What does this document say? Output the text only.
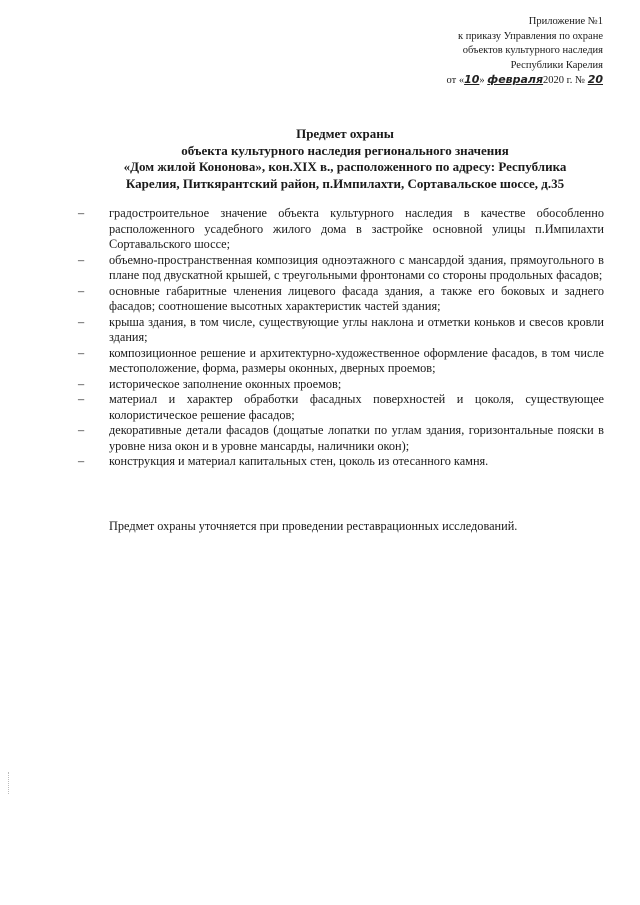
Приложение №1
к приказу Управления по охране
объектов культурного наследия
Республики Карелия
от «10» февраля2020 г. № 20
Предмет охраны
объекта культурного наследия регионального значения
«Дом жилой Кононова», кон.XIX в., расположенного по адресу: Республика
Карелия, Питкярантский район, п.Импилахти, Сортавальское шоссе, д.35
– градостроительное значение объекта культурного наследия в качестве обособленно расположенного усадебного жилого дома в застройке основной улицы п.Импилахти Сортавальского шоссе;
– объемно-пространственная композиция одноэтажного с мансардой здания, прямоугольного в плане под двускатной крышей, с треугольными фронтонами со стороны продольных фасадов;
– основные габаритные членения лицевого фасада здания, а также его боковых и заднего фасадов; соотношение высотных характеристик частей здания;
– крыша здания, в том числе, существующие углы наклона и отметки коньков и свесов кровли здания;
– композиционное решение и архитектурно-художественное оформление фасадов, в том числе местоположение, форма, размеры оконных, дверных проемов;
– историческое заполнение оконных проемов;
– материал и характер обработки фасадных поверхностей и цоколя, существующее колористическое решение фасадов;
– декоративные детали фасадов (дощатые лопатки по углам здания, горизонтальные пояски в уровне низа окон и в уровне мансарды, наличники окон);
– конструкция и материал капитальных стен, цоколь из отесанного камня.
Предмет охраны уточняется при проведении реставрационных исследований.
